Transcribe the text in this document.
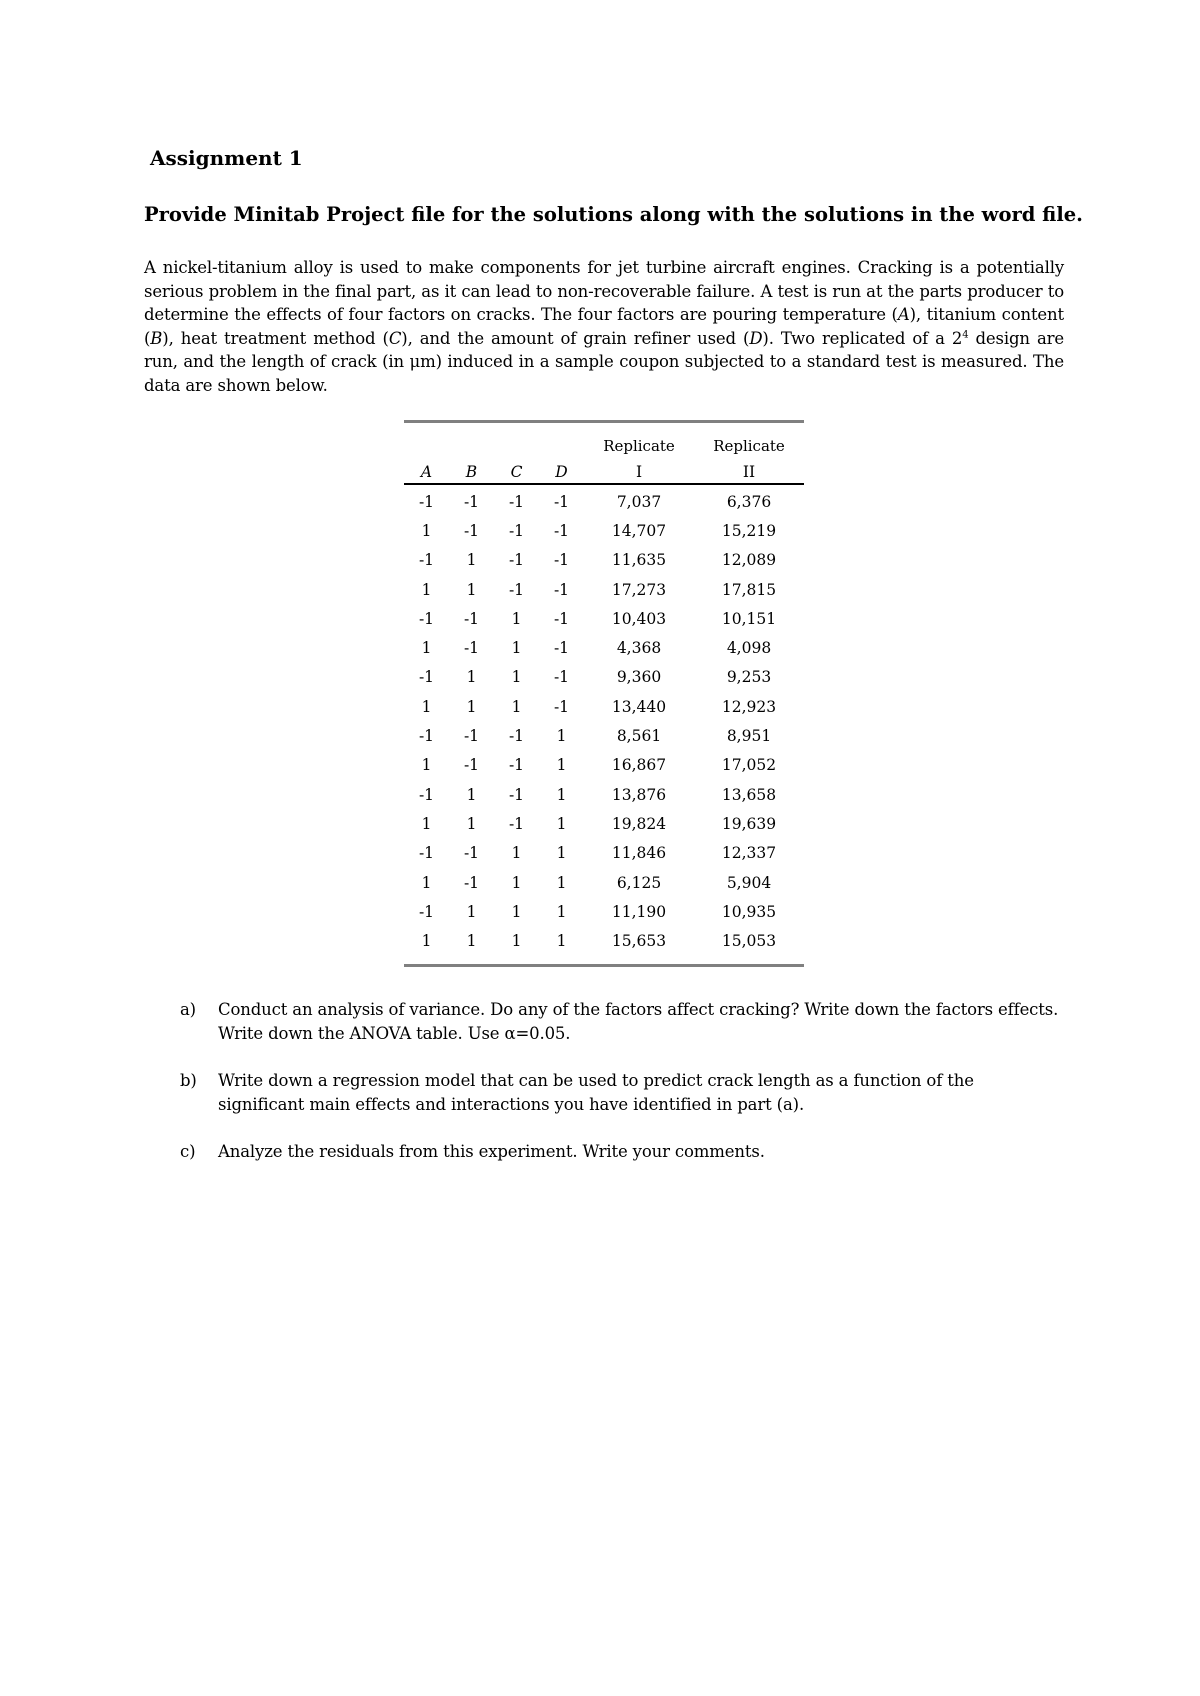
Assignment 1
Provide Minitab Project file for the solutions along with the solutions in the word file.
A nickel-titanium alloy is used to make components for jet turbine aircraft engines. Cracking is a potentially serious problem in the final part, as it can lead to non-recoverable failure. A test is run at the parts producer to determine the effects of four factors on cracks. The four factors are pouring temperature (A), titanium content (B), heat treatment method (C), and the amount of grain refiner used (D). Two replicated of a $2^4$ design are run, and the length of crack (in μm) induced in a sample coupon subjected to a standard test is measured. The data are shown below.
				Replicate	Replicate
A	B	C	D	I	II
-1	-1	-1	-1	7,037	6,376
1	-1	-1	-1	14,707	15,219
-1	1	-1	-1	11,635	12,089
1	1	-1	-1	17,273	17,815
-1	-1	1	-1	10,403	10,151
1	-1	1	-1	4,368	4,098
-1	1	1	-1	9,360	9,253
1	1	1	-1	13,440	12,923
-1	-1	-1	1	8,561	8,951
1	-1	-1	1	16,867	17,052
-1	1	-1	1	13,876	13,658
1	1	-1	1	19,824	19,639
-1	-1	1	1	11,846	12,337
1	-1	1	1	6,125	5,904
-1	1	1	1	11,190	10,935
1	1	1	1	15,653	15,053
a) Conduct an analysis of variance. Do any of the factors affect cracking? Write down the factors effects. Write down the ANOVA table. Use α=0.05.
b) Write down a regression model that can be used to predict crack length as a function of the significant main effects and interactions you have identified in part (a).
c) Analyze the residuals from this experiment. Write your comments.
